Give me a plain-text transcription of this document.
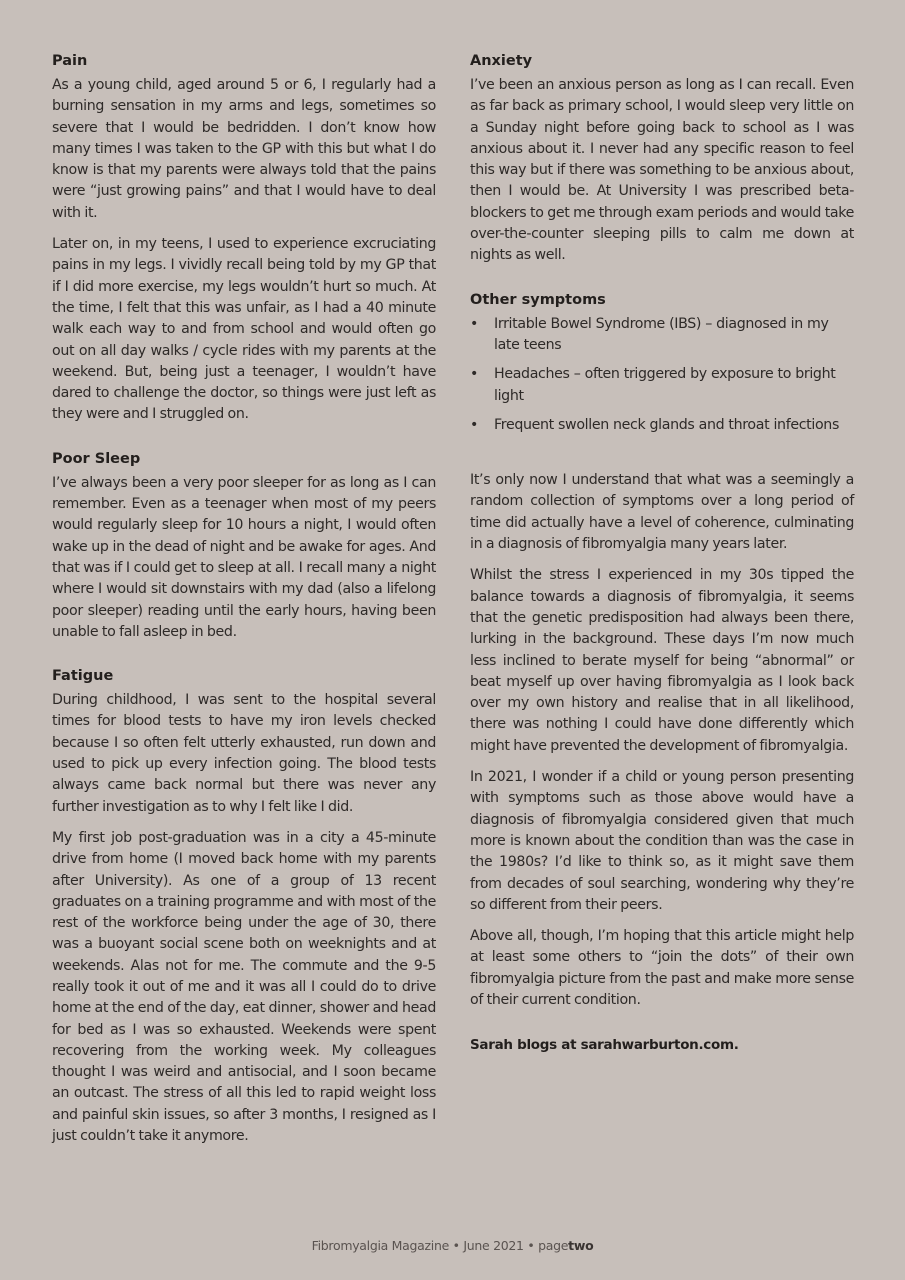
Pain

As a young child, aged around 5 or 6, I regularly had a burning sensation in my arms and legs, sometimes so severe that I would be bedridden. I don’t know how many times I was taken to the GP with this but what I do know is that my parents were always told that the pains were “just growing pains” and that I would have to deal with it.

Later on, in my teens, I used to experience excruciating pains in my legs. I vividly recall being told by my GP that if I did more exercise, my legs wouldn’t hurt so much. At the time, I felt that this was unfair, as I had a 40 minute walk each way to and from school and would often go out on all day walks / cycle rides with my parents at the weekend. But, being just a teenager, I wouldn’t have dared to challenge the doctor, so things were just left as they were and I struggled on.

Poor Sleep

I’ve always been a very poor sleeper for as long as I can remember. Even as a teenager when most of my peers would regularly sleep for 10 hours a night, I would often wake up in the dead of night and be awake for ages. And that was if I could get to sleep at all. I recall many a night where I would sit downstairs with my dad (also a lifelong poor sleeper) reading until the early hours, having been unable to fall asleep in bed.

Fatigue

During childhood, I was sent to the hospital several times for blood tests to have my iron levels checked because I so often felt utterly exhausted, run down and used to pick up every infection going. The blood tests always came back normal but there was never any further investigation as to why I felt like I did.

My first job post-graduation was in a city a 45-minute drive from home (I moved back home with my parents after University). As one of a group of 13 recent graduates on a training programme and with most of the rest of the workforce being under the age of 30, there was a buoyant social scene both on weeknights and at weekends. Alas not for me. The commute and the 9-5 really took it out of me and it was all I could do to drive home at the end of the day, eat dinner, shower and head for bed as I was so exhausted. Weekends were spent recovering from the working week. My colleagues thought I was weird and antisocial, and I soon became an outcast. The stress of all this led to rapid weight loss and painful skin issues, so after 3 months, I resigned as I just couldn’t take it anymore.

Anxiety

I’ve been an anxious person as long as I can recall. Even as far back as primary school, I would sleep very little on a Sunday night before going back to school as I was anxious about it. I never had any specific reason to feel this way but if there was something to be anxious about, then I would be. At University I was prescribed beta-blockers to get me through exam periods and would take over-the-counter sleeping pills to calm me down at nights as well.

Other symptoms
• Irritable Bowel Syndrome (IBS) – diagnosed in my late teens
• Headaches – often triggered by exposure to bright light
• Frequent swollen neck glands and throat infections

It’s only now I understand that what was a seemingly a random collection of symptoms over a long period of time did actually have a level of coherence, culminating in a diagnosis of fibromyalgia many years later.

Whilst the stress I experienced in my 30s tipped the balance towards a diagnosis of fibromyalgia, it seems that the genetic predisposition had always been there, lurking in the background. These days I’m now much less inclined to berate myself for being “abnormal” or beat myself up over having fibromyalgia as I look back over my own history and realise that in all likelihood, there was nothing I could have done differently which might have prevented the development of fibromyalgia.

In 2021, I wonder if a child or young person presenting with symptoms such as those above would have a diagnosis of fibromyalgia considered given that much more is known about the condition than was the case in the 1980s? I’d like to think so, as it might save them from decades of soul searching, wondering why they’re so different from their peers.

Above all, though, I’m hoping that this article might help at least some others to “join the dots” of their own fibromyalgia picture from the past and make more sense of their current condition.

Sarah blogs at sarahwarburton.com.
Fibromyalgia Magazine • June 2021 • pagetwo
